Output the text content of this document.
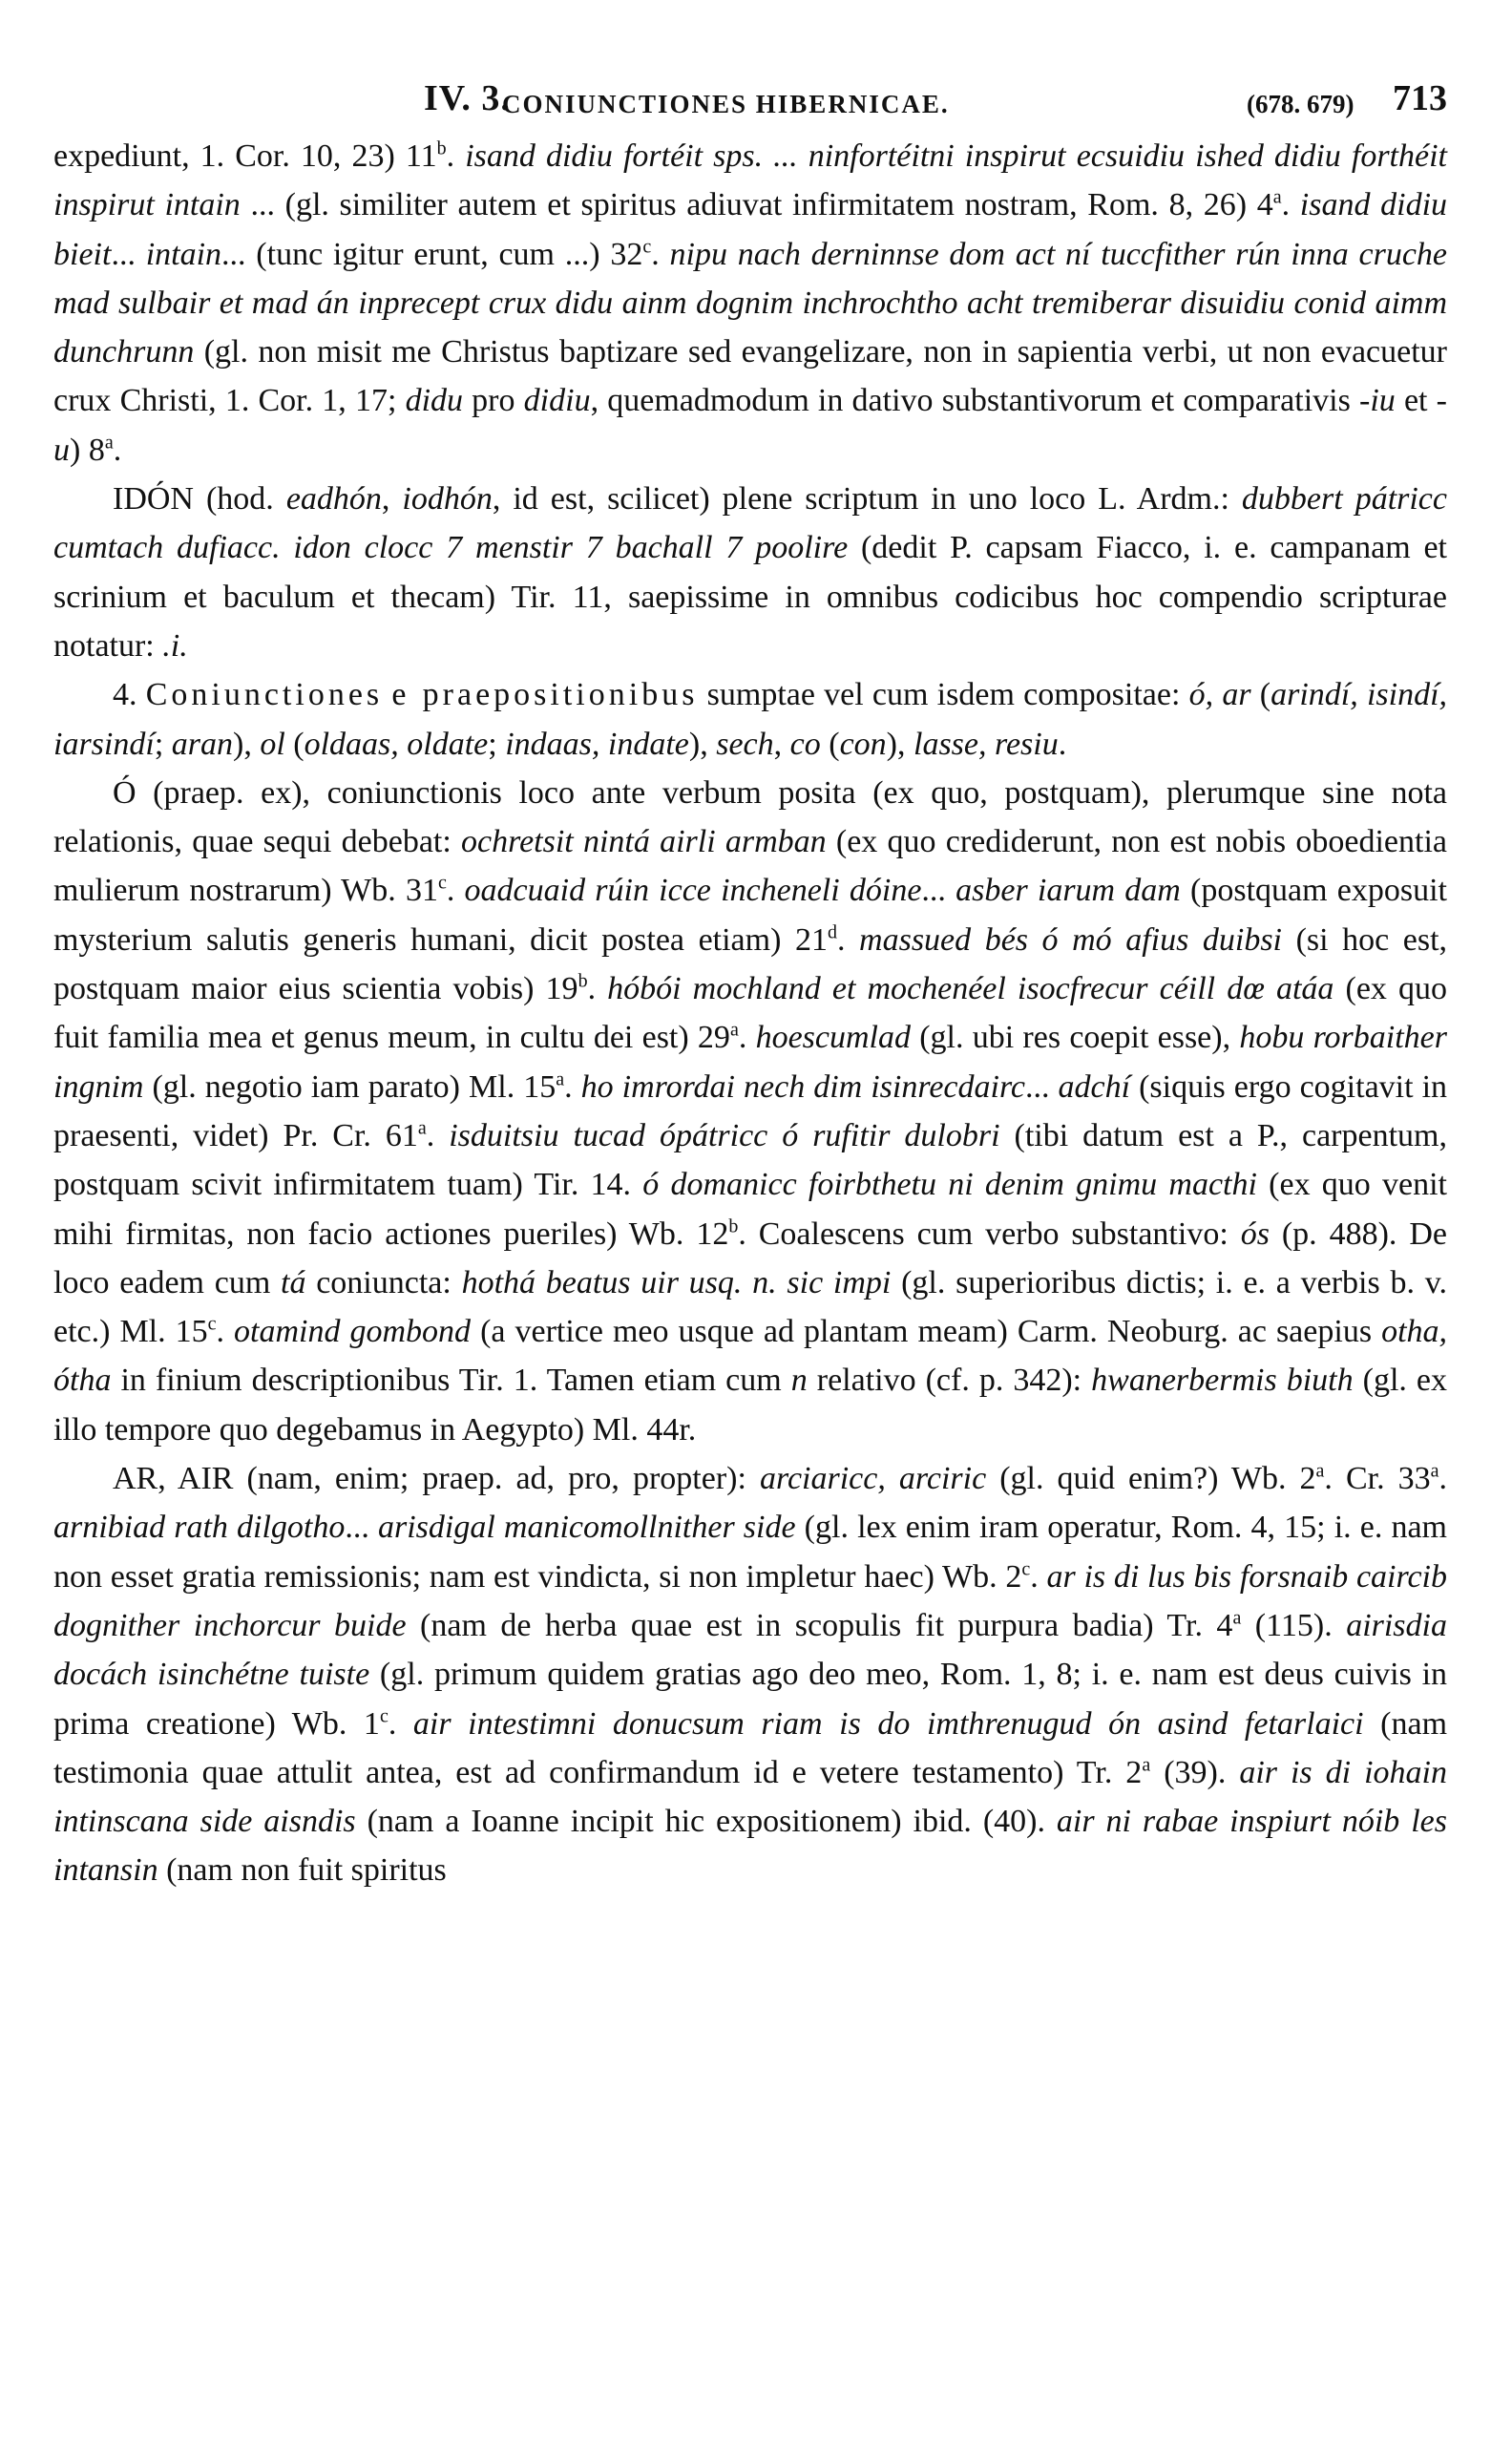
IV. 3.
CONIUNCTIONES HIBERNICAE.	(678. 679) 713

expediunt, 1. Cor. 10, 23) 11$^b$. isand didiu fortéit sps. ... ninfortéitni inspirut ecsuidiu ished didiu forthéit inspirut intain ... (gl. similiter autem et spiritus adiuvat infirmitatem nostram, Rom. 8, 26) 4$^a$. isand didiu bieit... intain... (tunc igitur erunt, cum ...) 32$^c$. nipu nach derninnse dom act ní tuccfither rún inna cruche mad sulbair et mad án inprecept crux didu ainm dognim inchrochtho acht tremiberar disuidiu conid aimm dunchrunn (gl. non misit me Christus baptizare sed evangelizare, non in sapientia verbi, ut non evacuetur crux Christi, 1. Cor. 1, 17; didu pro didiu, quemadmodum in dativo substantivorum et comparativis -iu et -u) 8$^a$.

IDÓN (hod. eadhón, iodhón, id est, scilicet) plene scriptum in uno loco L. Ardm.: dubbert pátricc cumtach dufiacc. idon clocc 7 menstir 7 bachall 7 poolire (dedit P. capsam Fiacco, i. e. campanam et scrinium et baculum et thecam) Tir. 11, saepissime in omnibus codicibus hoc compendio scripturae notatur: .i.

4. Coniunctiones e praepositionibus sumptae vel cum isdem compositae: ó, ar (arindí, isindí, iarsindí; aran), ol (oldaas, oldate; indaas, indate), sech, co (con), lasse, resiu.

Ó (praep. ex), coniunctionis loco ante verbum posita (ex quo, postquam), plerumque sine nota relationis, quae sequi debebat: ochretsit nintá airli armban (ex quo crediderunt, non est nobis oboedientia mulierum nostrarum) Wb. 31$^c$. oadcuaid rúin icce incheneli dóine... asber iarum dam (postquam exposuit mysterium salutis generis humani, dicit postea etiam) 21$^d$. massued bés ó mó afius duibsi (si hoc est, postquam maior eius scientia vobis) 19$^b$. hóbói mochland et mochenéel isocfrecur céill dœ atáa (ex quo fuit familia mea et genus meum, in cultu dei est) 29$^a$. hoescumlad (gl. ubi res coepit esse), hobu rorbaither ingnim (gl. negotio iam parato) Ml. 15$^a$. ho imrordai nech dim isinrecdairc... adchí (siquis ergo cogitavit in praesenti, videt) Pr. Cr. 61$^a$. isduitsiu tucad ópátricc ó rufitir dulobri (tibi datum est a P., carpentum, postquam scivit infirmitatem tuam) Tir. 14. ó domanicc foirbthetu ni denim gnimu macthi (ex quo venit mihi firmitas, non facio actiones pueriles) Wb. 12$^b$. Coalescens cum verbo substantivo: ós (p. 488). De loco eadem cum tá coniuncta: hothá beatus uir usq. n. sic impi (gl. superioribus dictis; i. e. a verbis b. v. etc.) Ml. 15$^c$. otamind gombond (a vertice meo usque ad plantam meam) Carm. Neoburg. ac saepius otha, ótha in finium descriptionibus Tir. 1. Tamen etiam cum n relativo (cf. p. 342): hwanerbermis biuth (gl. ex illo tempore quo degebamus in Aegypto) Ml. 44r.

AR, AIR (nam, enim; praep. ad, pro, propter): arciaricc, arciric (gl. quid enim?) Wb. 2$^a$. Cr. 33$^a$. arnibiad rath dilgotho... arisdigal manicomollnither side (gl. lex enim iram operatur, Rom. 4, 15; i. e. nam non esset gratia remissionis; nam est vindicta, si non impletur haec) Wb. 2$^c$. ar is di lus bis forsnaib caircib dognither inchorcur buide (nam de herba quae est in scopulis fit purpura badia) Tr. 4$^a$ (115). airisdia docách isinchétne tuiste (gl. primum quidem gratias ago deo meo, Rom. 1, 8; i. e. nam est deus cuivis in prima creatione) Wb. 1$^c$. air intestimni donucsum riam is do imthrenugud ón asind fetarlaici (nam testimonia quae attulit antea, est ad confirmandum id e vetere testamento) Tr. 2$^a$ (39). air is di iohain intinscana side aisndis (nam a Ioanne incipit hic expositionem) ibid. (40). air ni rabae inspiurt nóib les intansin (nam non fuit spiritus
